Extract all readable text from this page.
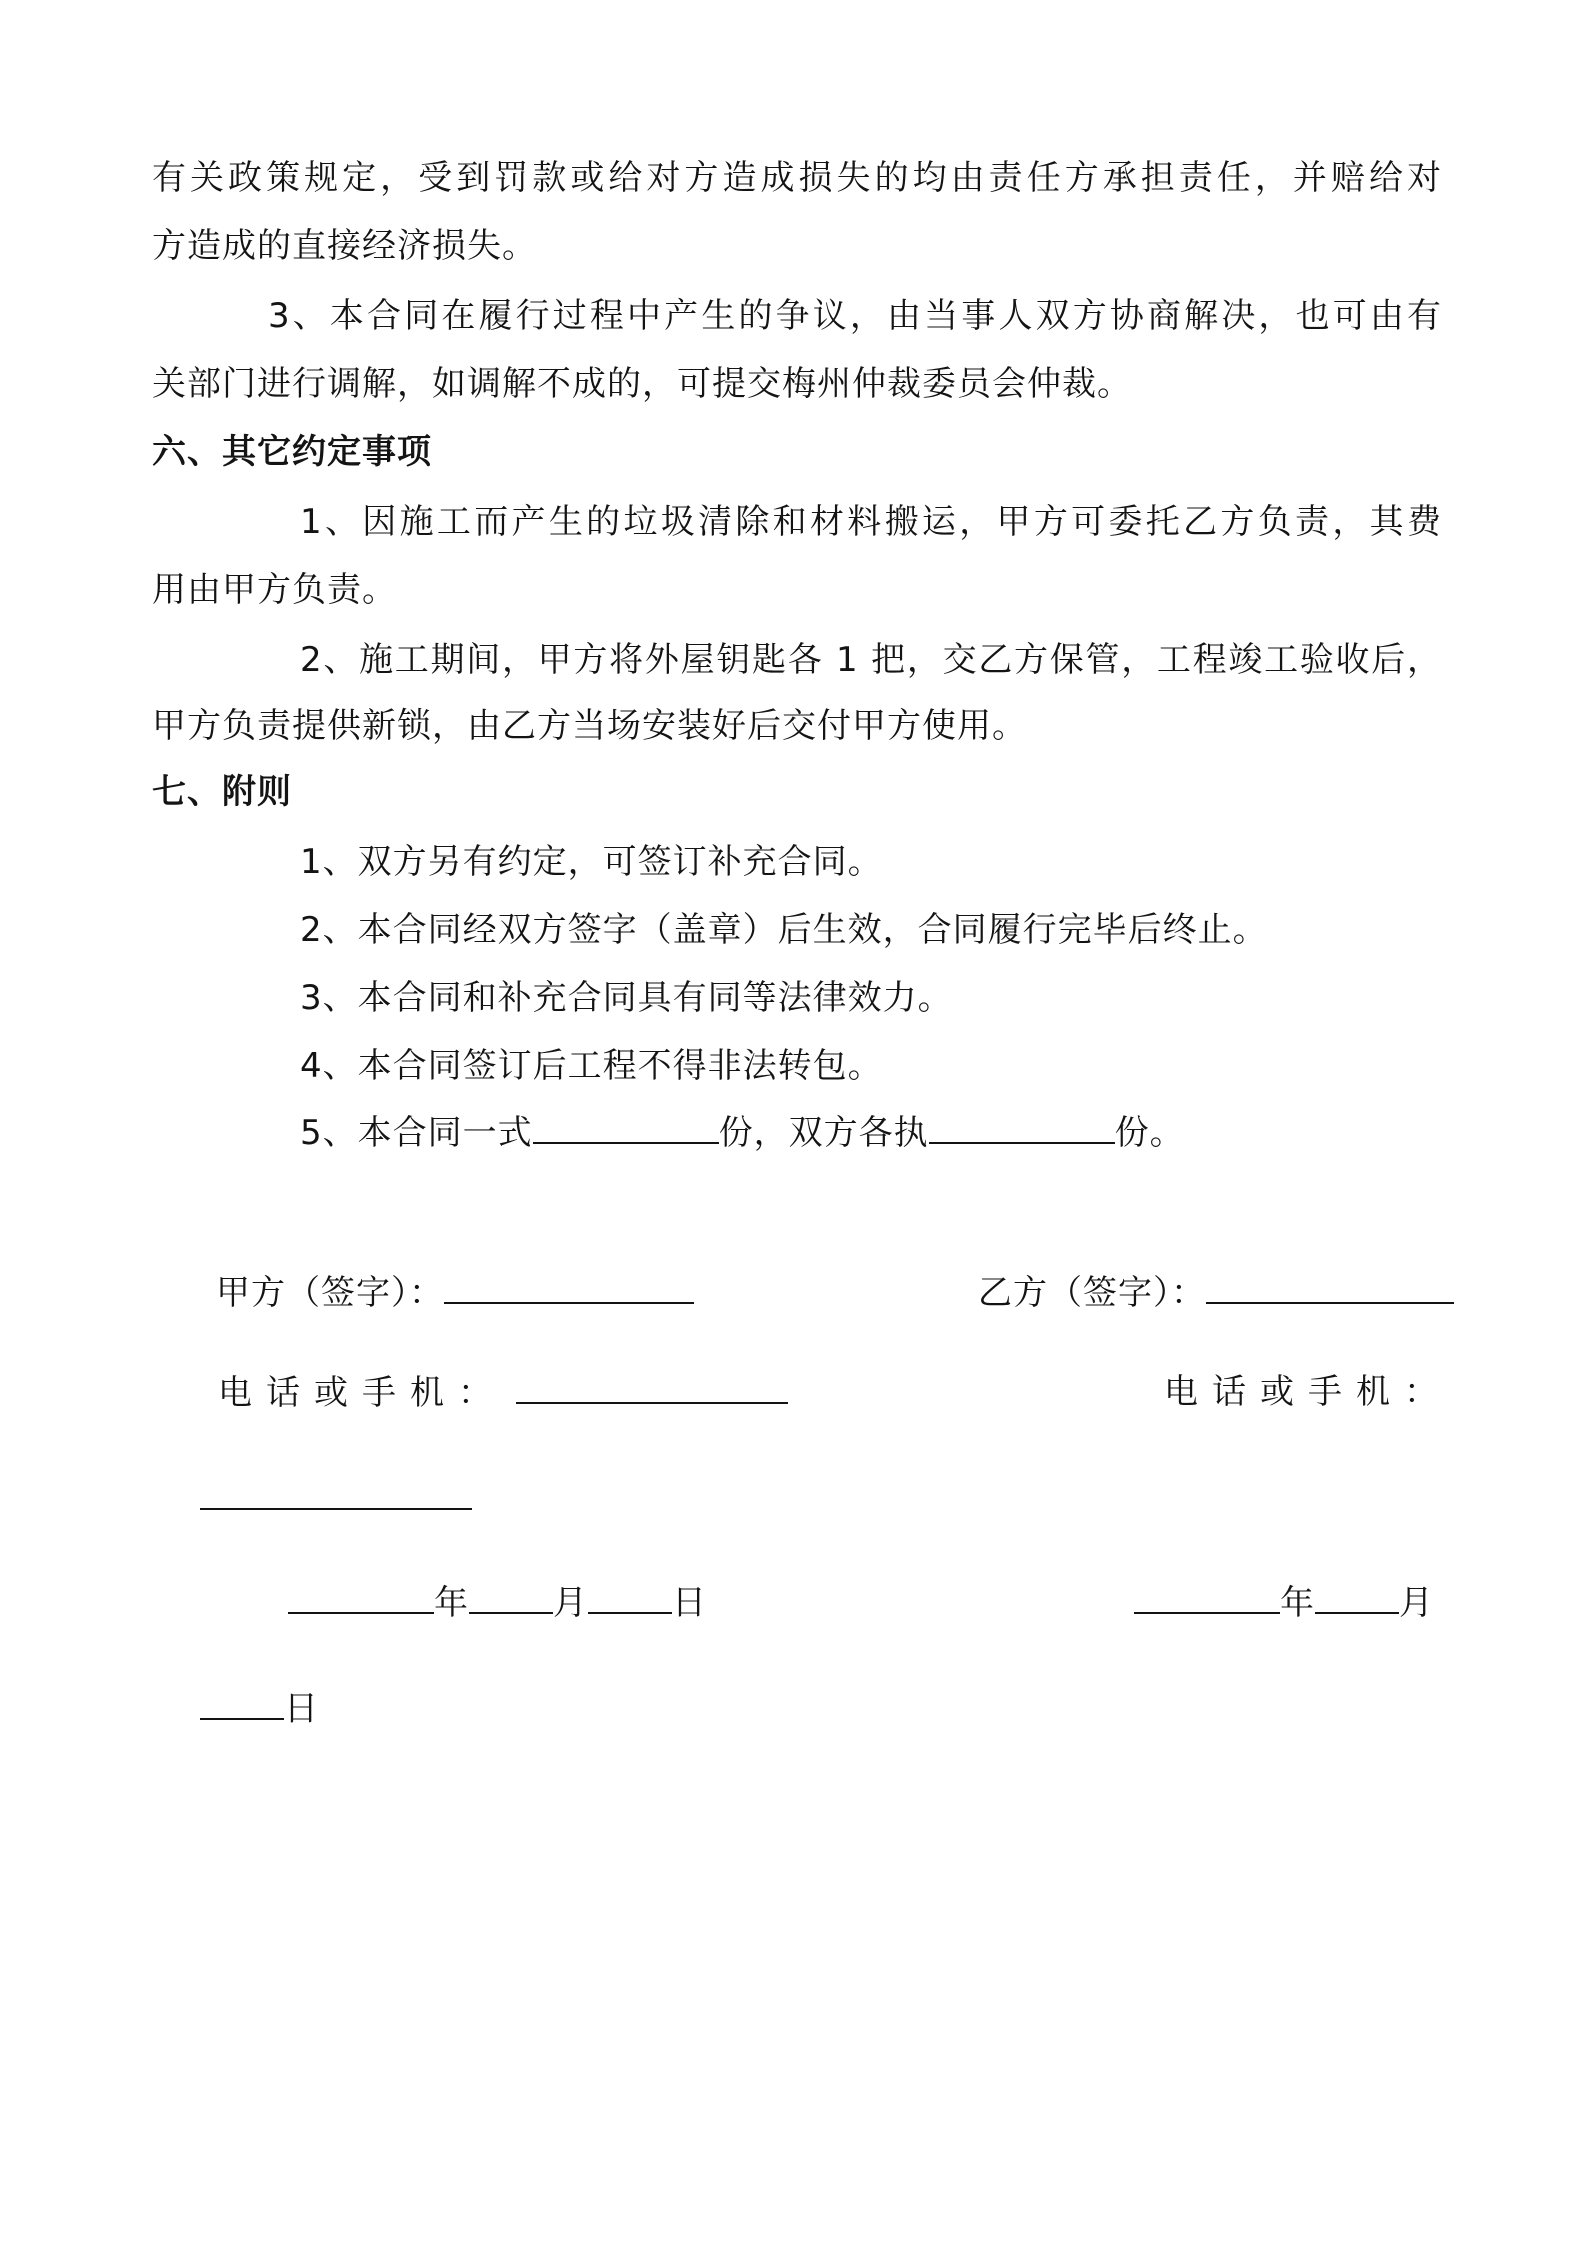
有关政策规定，受到罚款或给对方造成损失的均由责任方承担责任，并赔给对
方造成的直接经济损失。
3、本合同在履行过程中产生的争议，由当事人双方协商解决，也可由有
关部门进行调解，如调解不成的，可提交梅州仲裁委员会仲裁。
六、其它约定事项
1、因施工而产生的垃圾清除和材料搬运，甲方可委托乙方负责，其费
用由甲方负责。
2、施工期间，甲方将外屋钥匙各 1 把，交乙方保管，工程竣工验收后，
甲方负责提供新锁，由乙方当场安装好后交付甲方使用。
七、附则
1、双方另有约定，可签订补充合同。
2、本合同经双方签字（盖章）后生效，合同履行完毕后终止。
3、本合同和补充合同具有同等法律效力。
4、本合同签订后工程不得非法转包。
5、本合同一式	份，双方各执	份。
甲方（签字）：	乙方（签字）：
电话或手机：	电话或手机：
年 月 日	年 月
日
